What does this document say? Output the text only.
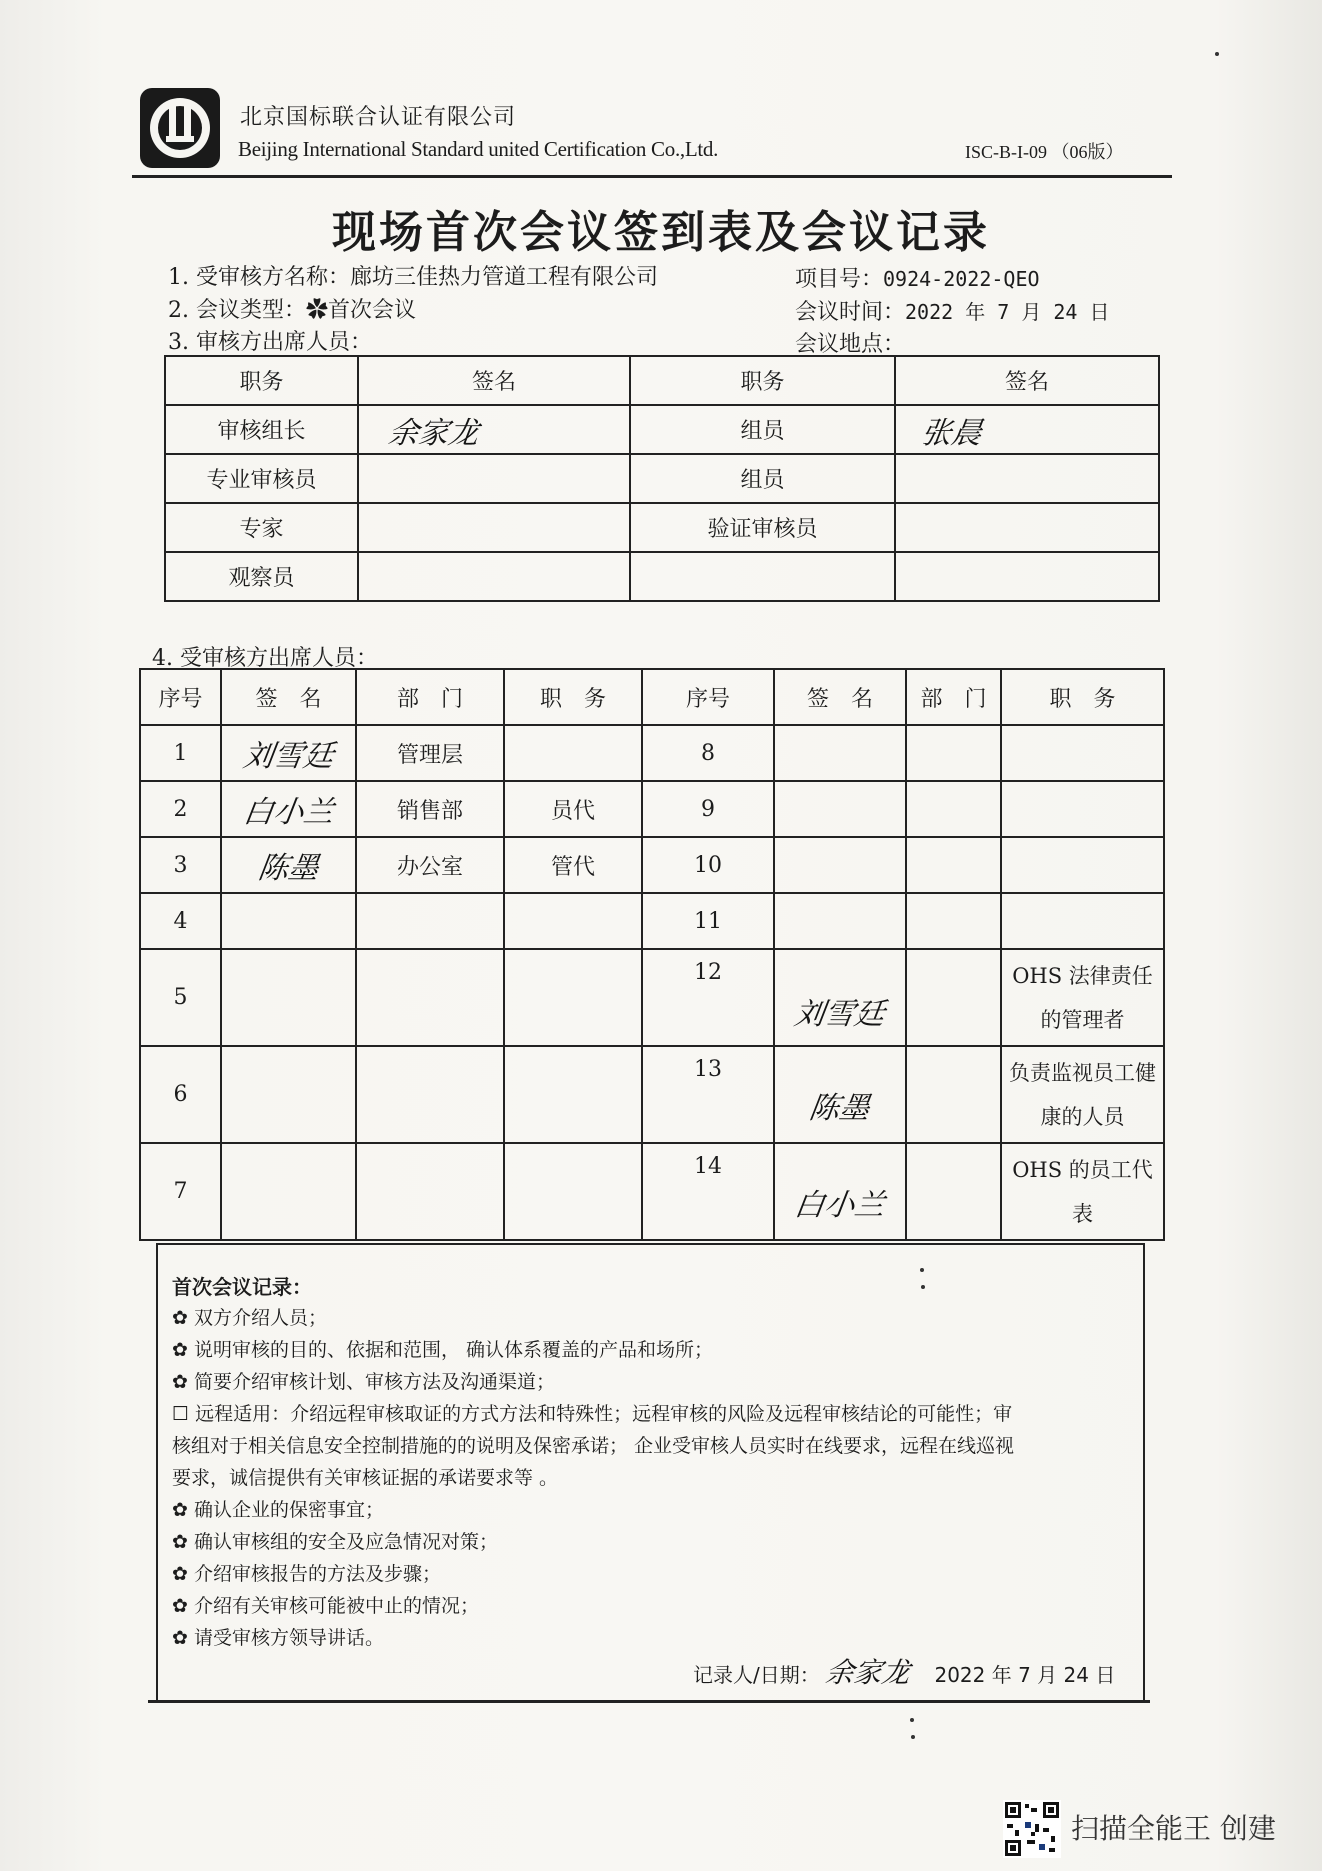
北京国标联合认证有限公司
Beijing International Standard united Certification Co.,Ltd.	ISC-B-I-09 （06版）
现场首次会议签到表及会议记录
1. 受审核方名称：廊坊三佳热力管道工程有限公司	项目号：0924-2022-QEO
2. 会议类型：✿首次会议	会议时间：2022 年 7 月 24 日
3. 审核方出席人员：	会议地点：
职务	签名	职务	签名
审核组长	余家龙	组员	张晨
专业审核员		组员	
专家		验证审核员	
观察员			
4. 受审核方出席人员：
序号	签　名	部　门	职　务	序号	签　名	部　门	职　务
1	刘雪廷	管理层		8			
2	白小兰	销售部	员代	9			
3	陈墨	办公室	管代	10			
4				11			
5				12	刘雪廷		OHS 法律责任的管理者
6				13	陈墨		负责监视员工健康的人员
7				14	白小兰		OHS 的员工代表
首次会议记录：
✿ 双方介绍人员；
✿ 说明审核的目的、依据和范围， 确认体系覆盖的产品和场所；
✿ 简要介绍审核计划、审核方法及沟通渠道；
☐ 远程适用：介绍远程审核取证的方式方法和特殊性；远程审核的风险及远程审核结论的可能性；审
核组对于相关信息安全控制措施的的说明及保密承诺； 企业受审核人员实时在线要求，远程在线巡视
要求，诚信提供有关审核证据的承诺要求等 。
✿ 确认企业的保密事宜；
✿ 确认审核组的安全及应急情况对策；
✿ 介绍审核报告的方法及步骤；
✿ 介绍有关审核可能被中止的情况；
✿ 请受审核方领导讲话。
记录人/日期： 余家龙 2022 年 7 月 24 日
扫描全能王 创建
